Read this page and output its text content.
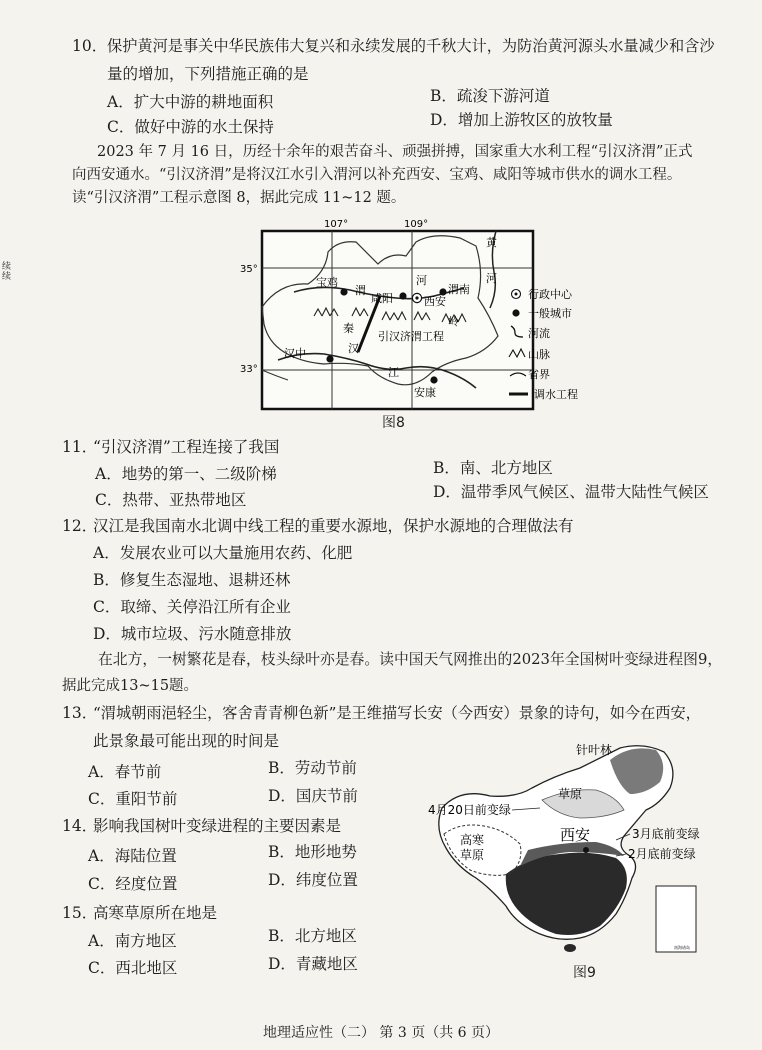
续续
10． 保护黄河是事关中华民族伟大复兴和永续发展的千秋大计，为防治黄河源头水量减少和含沙
量的增加，下列措施正确的是
A．扩大中游的耕地面积	B．疏浚下游河道
C．做好中游的水土保持	D．增加上游牧区的放牧量
2023 年 7 月 16 日，历经十余年的艰苦奋斗、顽强拼搏，国家重大水利工程“引汉济渭”正式
向西安通水。“引汉济渭”是将汉江水引入渭河以补充西安、宝鸡、咸阳等城市供水的调水工程。
读“引汉济渭”工程示意图 8，据此完成 11~12 题。
107°	109°
35°
33°
宝鸡
渭
河
咸阳	西安
渭南
秦
岭
引汉济渭工程
汉
汉中
江
安康
黄
河
行政中心
一般城市
河流
山脉
省界
调水工程
图8
11．
“引汉济渭”工程连接了我国
A．地势的第一、二级阶梯	B．南、北方地区
C．热带、亚热带地区	D．温带季风气候区、温带大陆性气候区
12．
汉江是我国南水北调中线工程的重要水源地，保护水源地的合理做法有
A．发展农业可以大量施用农药、化肥
B．修复生态湿地、退耕还林
C．取缔、关停沿江所有企业
D．城市垃圾、污水随意排放
在北方，一树繁花是春，枝头绿叶亦是春。读中国天气网推出的2023年全国树叶变绿进程图9，
据此完成13~15题。
13．
“渭城朝雨浥轻尘，客舍青青柳色新”是王维描写长安（今西安）景象的诗句，如今在西安，
此景象最可能出现的时间是
A．春节前	B．劳动节前
C．重阳节前	D．国庆节前
14．
影响我国树叶变绿进程的主要因素是
A．海陆位置	B．地形地势
C．经度位置	D．纬度位置
15．
高寒草原所在地是
A．南方地区	B．北方地区
C．西北地区	D．青藏地区
南海诸岛
针叶林
草原
4月20日前变绿
高寒
草原
西安	3月底前变绿
2月底前变绿
图9
地理适应性（二） 第 3 页（共 6 页）
